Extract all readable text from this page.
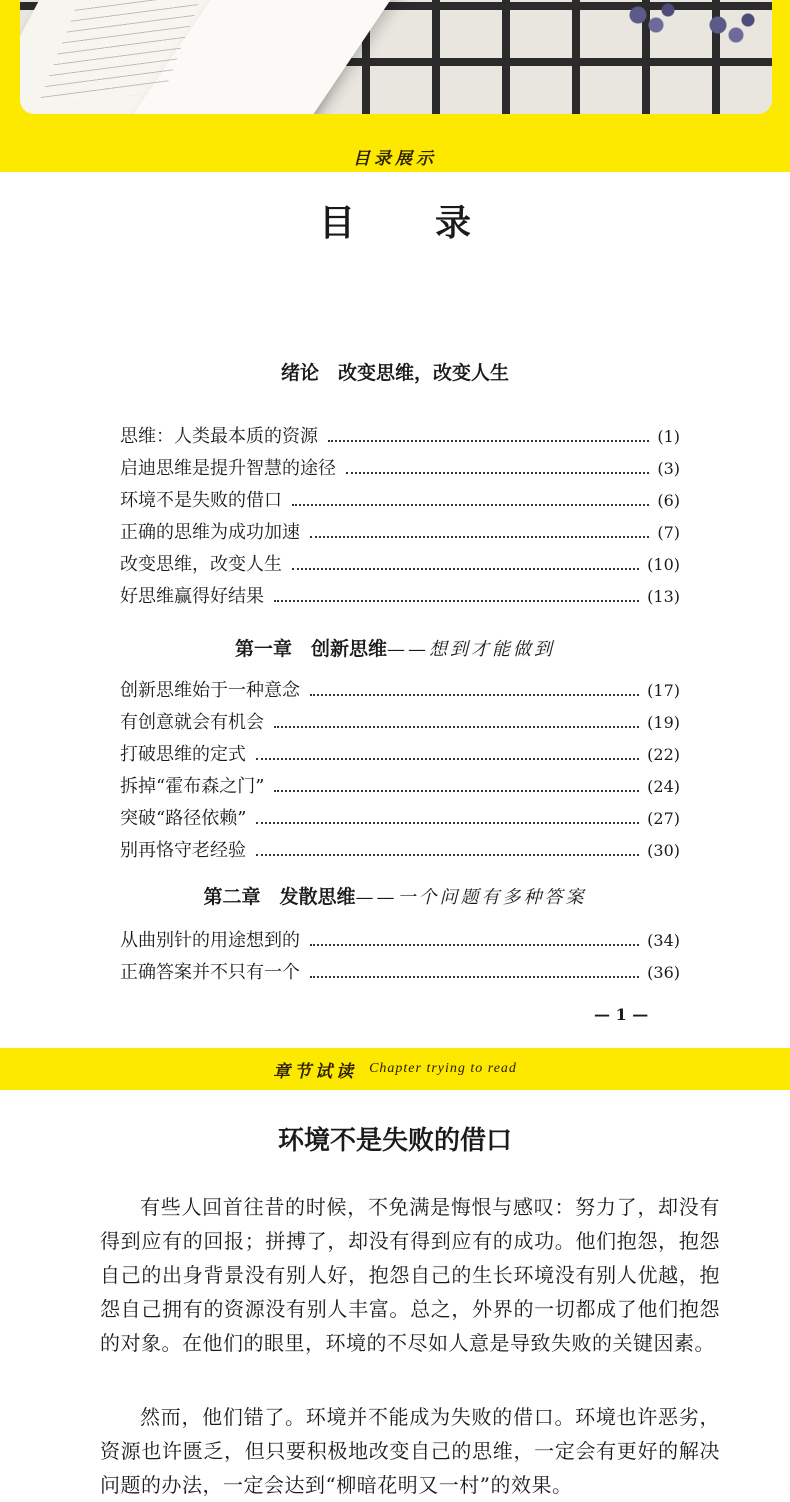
目录展示
目录
绪论　改变思维，改变人生
思维：人类最本质的资源	(1)
启迪思维是提升智慧的途径	(3)
环境不是失败的借口	(6)
正确的思维为成功加速	(7)
改变思维，改变人生	(10)
好思维赢得好结果	(13)
第一章　创新思维——想到才能做到
创新思维始于一种意念	(17)
有创意就会有机会	(19)
打破思维的定式	(22)
拆掉“霍布森之门”	(24)
突破“路径依赖”	(27)
别再恪守老经验	(30)
第二章　发散思维——一个问题有多种答案
从曲别针的用途想到的	(34)
正确答案并不只有一个	(36)
— 1 —
章节试读 Chapter trying to read
环境不是失败的借口
有些人回首往昔的时候，不免满是悔恨与感叹：努力了，却没有得到应有的回报；拼搏了，却没有得到应有的成功。他们抱怨，抱怨自己的出身背景没有别人好，抱怨自己的生长环境没有别人优越，抱怨自己拥有的资源没有别人丰富。总之，外界的一切都成了他们抱怨的对象。在他们的眼里，环境的不尽如人意是导致失败的关键因素。
然而，他们错了。环境并不能成为失败的借口。环境也许恶劣，资源也许匮乏，但只要积极地改变自己的思维，一定会有更好的解决问题的办法，一定会达到“柳暗花明又一村”的效果。
